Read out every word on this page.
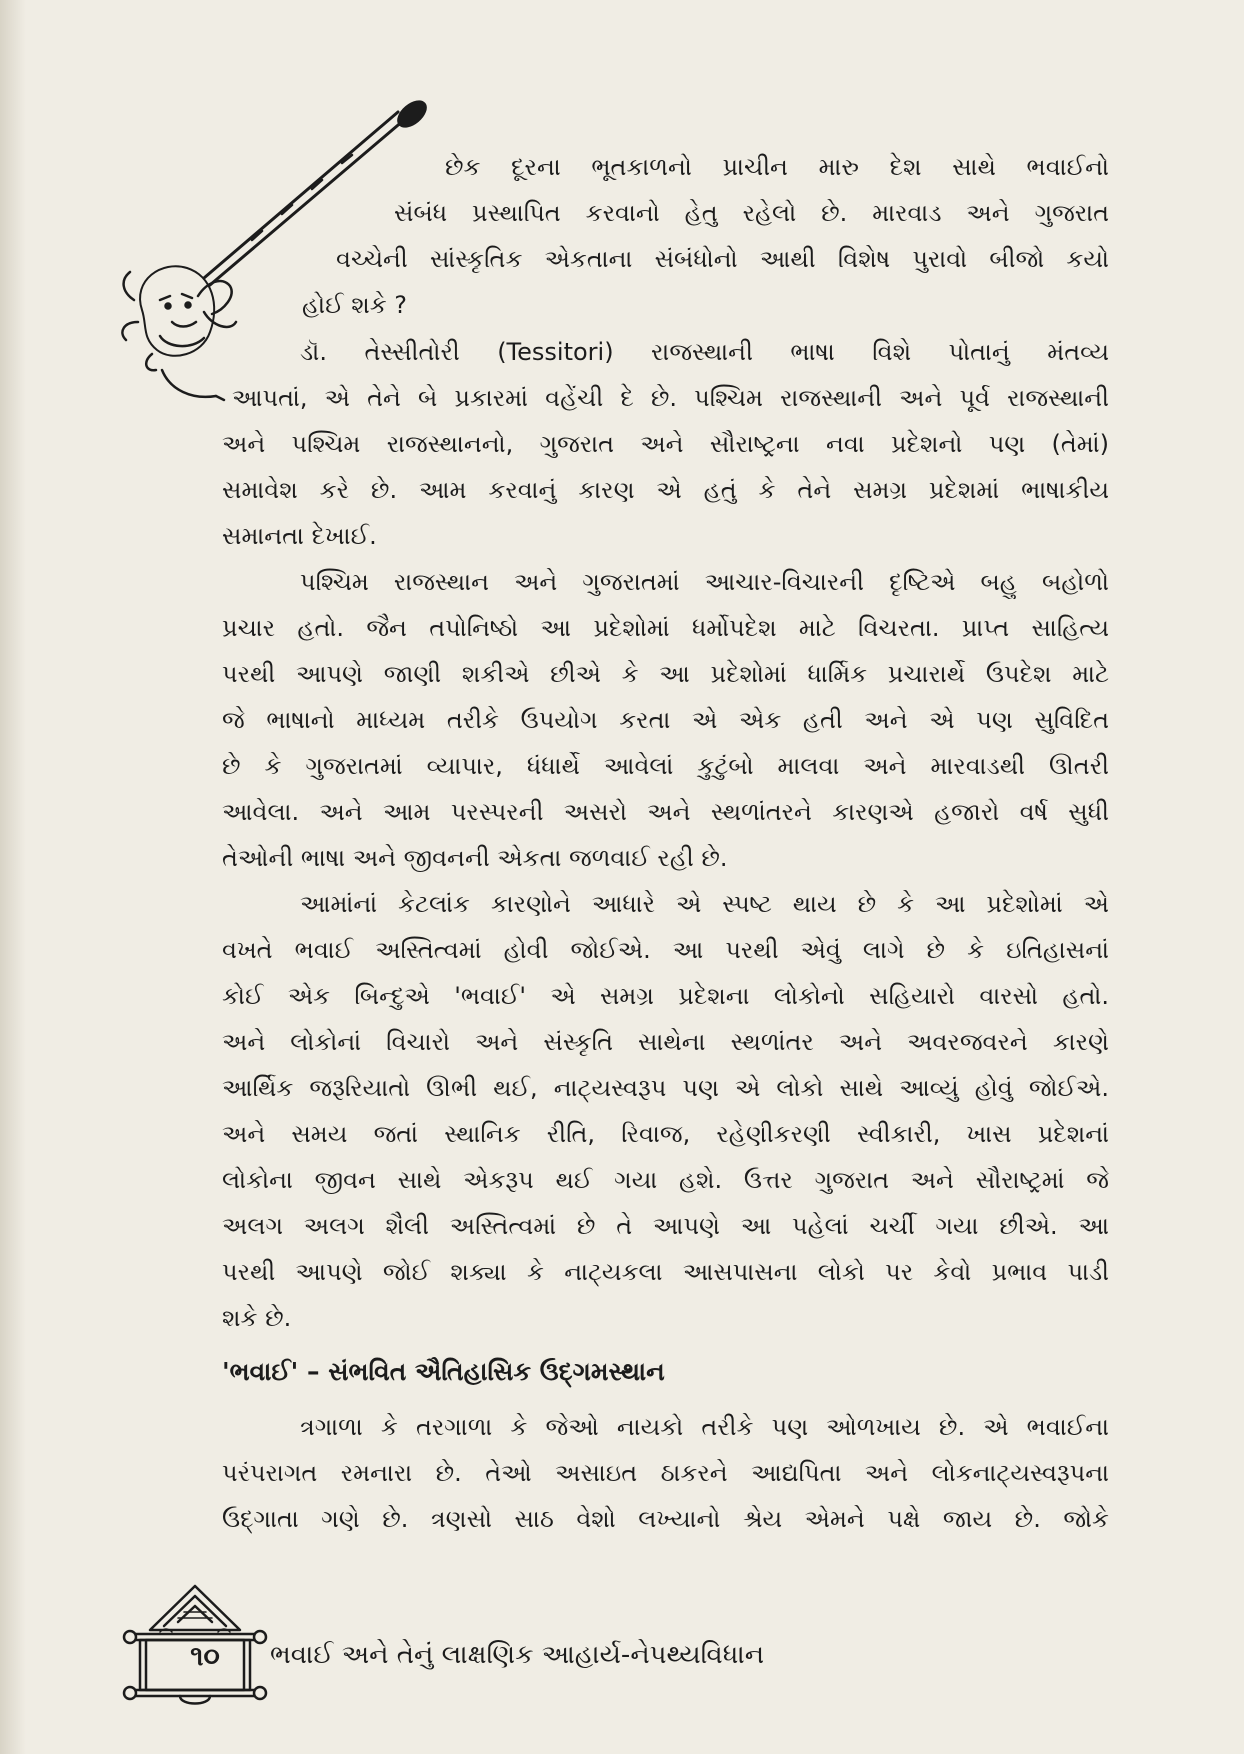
છેક દૂરના ભૂતકાળનો પ્રાચીન મારુ દેશ સાથે ભવાઈનો
સંબંધ પ્રસ્થાપિત કરવાનો હેતુ રહેલો છે. મારવાડ અને ગુજરાત
વચ્ચેની સાંસ્કૃતિક એકતાના સંબંધોનો આથી વિશેષ પુરાવો બીજો કયો
હોઈ શકે ?
ડૉ. તેસ્સીતોરી (Tessitori) રાજસ્થાની ભાષા વિશે પોતાનું મંતવ્ય
આપતાં, એ તેને બે પ્રકારમાં વહેંચી દે છે. પશ્ચિમ રાજસ્થાની અને પૂર્વ રાજસ્થાની
અને પશ્ચિમ રાજસ્થાનનો, ગુજરાત અને સૌરાષ્ટ્રના નવા પ્રદેશનો પણ (તેમાં)
સમાવેશ કરે છે. આમ કરવાનું કારણ એ હતું કે તેને સમગ્ર પ્રદેશમાં ભાષાકીય
સમાનતા દેખાઈ.
પશ્ચિમ રાજસ્થાન અને ગુજરાતમાં આચાર-વિચારની દૃષ્ટિએ બહુ બહોળો
પ્રચાર હતો. જૈન તપોનિષ્ઠો આ પ્રદેશોમાં ધર્મોપદેશ માટે વિચરતા. પ્રાપ્ત સાહિત્ય
પરથી આપણે જાણી શકીએ છીએ કે આ પ્રદેશોમાં ધાર્મિક પ્રચારાર્થે ઉપદેશ માટે
જે ભાષાનો માધ્યમ તરીકે ઉપયોગ કરતા એ એક હતી અને એ પણ સુવિદિત
છે કે ગુજરાતમાં વ્યાપાર, ધંધાર્થે આવેલાં કુટુંબો માલવા અને મારવાડથી ઊતરી
આવેલા. અને આમ પરસ્પરની અસરો અને સ્થળાંતરને કારણએ હજારો વર્ષ સુધી
તેઓની ભાષા અને જીવનની એકતા જળવાઈ રહી છે.
આમાંનાં કેટલાંક કારણોને આધારે એ સ્પષ્ટ થાય છે કે આ પ્રદેશોમાં એ
વખતે ભવાઈ અસ્તિત્વમાં હોવી જોઈએ. આ પરથી એવું લાગે છે કે ઇતિહાસનાં
કોઈ એક બિન્દુએ 'ભવાઈ' એ સમગ્ર પ્રદેશના લોકોનો સહિયારો વારસો હતો.
અને લોકોનાં વિચારો અને સંસ્કૃતિ સાથેના સ્થળાંતર અને અવરજવરને કારણે
આર્થિક જરૂરિયાતો ઊભી થઈ, નાટ્યસ્વરૂપ પણ એ લોકો સાથે આવ્યું હોવું જોઈએ.
અને સમય જતાં સ્થાનિક રીતિ, રિવાજ, રહેણીકરણી સ્વીકારી, ખાસ પ્રદેશનાં
લોકોના જીવન સાથે એકરૂપ થઈ ગયા હશે. ઉત્તર ગુજરાત અને સૌરાષ્ટ્રમાં જે
અલગ અલગ શૈલી અસ્તિત્વમાં છે તે આપણે આ પહેલાં ચર્ચી ગયા છીએ. આ
પરથી આપણે જોઈ શક્યા કે નાટ્યકલા આસપાસના લોકો પર કેવો પ્રભાવ પાડી
શકે છે.
'ભવાઈ' – સંભવિત ઐતિહાસિક ઉદ્‌ગમસ્થાન
ત્રગાળા કે તરગાળા કે જેઓ નાયકો તરીકે પણ ઓળખાય છે. એ ભવાઈના
પરંપરાગત રમનારા છે. તેઓ અસાઇત ઠાકરને આદ્યપિતા અને લોકનાટ્યસ્વરૂપના
ઉદ્‌ગાતા ગણે છે. ત્રણસો સાઠ વેશો લખ્યાનો શ્રેય એમને પક્ષે જાય છે. જોકે
૧૦	ભવાઈ અને તેનું લાક્ષણિક આહાર્ય-નેપથ્યવિધાન
